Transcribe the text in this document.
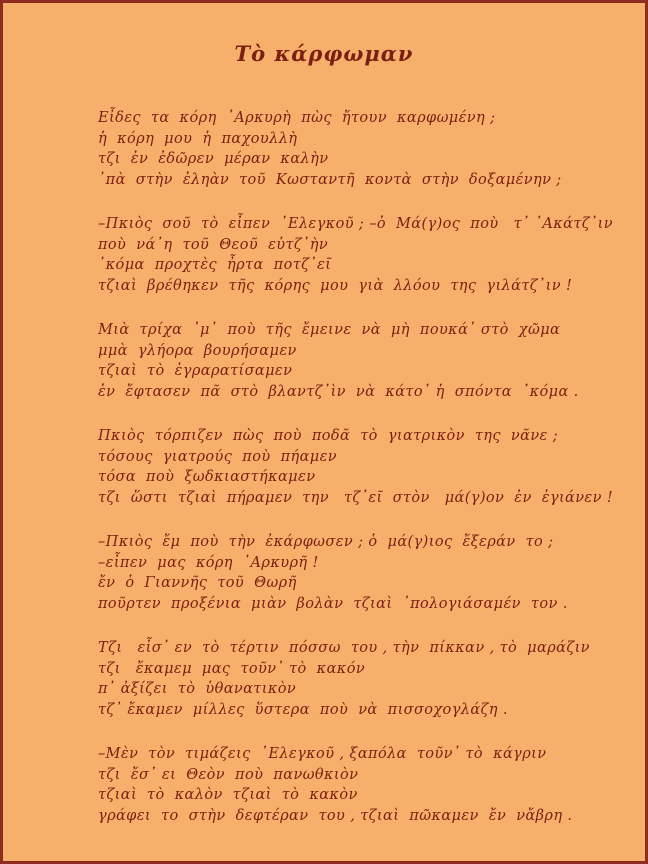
Τὸ κάρφωμαν
Εἶδες  τα  κόρη  ᾽Αρκυρὴ  πὼς  ἤτουν  καρφωμένη ;
ἡ  κόρη  μου  ἡ  παχουλλὴ
τζι  ἐν  ἐδῶρεν  μέραν  καλὴν
᾽πὰ  στὴν  ἐληὰν  τοῦ  Κωσταντῆ  κοντὰ  στὴν  δοξαμένην ;
–Πκιὸς  σοῦ  τὸ  εἶπεν  ῾Ελεγκοῦ ; –ὁ  Μά(γ)ος  ποὺ   τ᾽ ᾽Ακάτζ᾽ιν
ποὺ  νά᾽η  τοῦ  Θεοῦ  εὐτζ᾽ὴν
᾽κόμα  προχτὲς  ἦρτα  ποτζ᾽εῖ
τζιαὶ  βρέθηκεν  τῆς  κόρης  μου  γιὰ  λλόου  της  γιλάτζ᾽ιν !
Μιὰ  τρίχα  ᾽μ᾽  ποὺ  τῆς  ἔμεινε  νὰ  μὴ  πουκά᾽ στὸ  χῶμα
μμὰ  γλήορα  βουρήσαμεν
τζιαὶ  τὸ  ἐγραρατίσαμεν
ἐν  ἔφτασεν  πᾶ  στὸ  βλαντζ᾽ὶν  νὰ  κάτο᾽ ἡ  σπόντα  ᾽κόμα .
Πκιὸς  τόρπιζεν  πὼς  ποὺ  ποδᾶ  τὸ  γιατρικὸν  της  νᾶνε ;
τόσους  γιατρούς  ποὺ  πήαμεν
τόσα  ποὺ  ξωδκιαστήκαμεν
τζι  ὥστι  τζιαὶ  πήραμεν  την   τζ᾽εῖ  στὸν   μά(γ)ον  ἐν  ἐγιάνεν !
–Πκιὸς  ἔμ  ποὺ  τὴν  ἐκάρφωσεν ; ὁ  μά(γ)ιος  ἔξεράν  το ;
–εἶπεν  μας  κόρη  ᾽Αρκυρῆ !
ἔν  ὁ  Γιαννῆς  τοῦ  Θωρῆ
ποῦρτεν  προξένια  μιὰν  βολὰν  τζιαὶ  ᾽πολογιάσαμέν  τον .
Τζι   εἶσ᾽ εν  τὸ  τέρτιν  πόσσω  του , τὴν  πίκκαν , τὸ  μαράζιν
τζι   ἔκαμεμ  μας  τοῦν᾽ τὸ  κακόν
π᾽ ἀξίζει  τὸ  ὑθανατικὸν
τζ᾽ ἔκαμεν  μίλλες  ὕστερα  ποὺ  νὰ  πισσοχογλάζη .
–Μὲν  τὸν  τιμάζεις  ῾Ελεγκοῦ , ξαπόλα  τοῦν᾽ τὸ  κάγριν
τζι  ἔσ᾽ ει  Θεὸν  ποὺ  πανωθκιὸν
τζιαὶ  τὸ  καλὸν  τζιαὶ  τὸ  κακὸν
γράφει  το  στὴν  δεφτέραν  του , τζιαὶ  πῶκαμεν  ἔν  νἄβρη .
